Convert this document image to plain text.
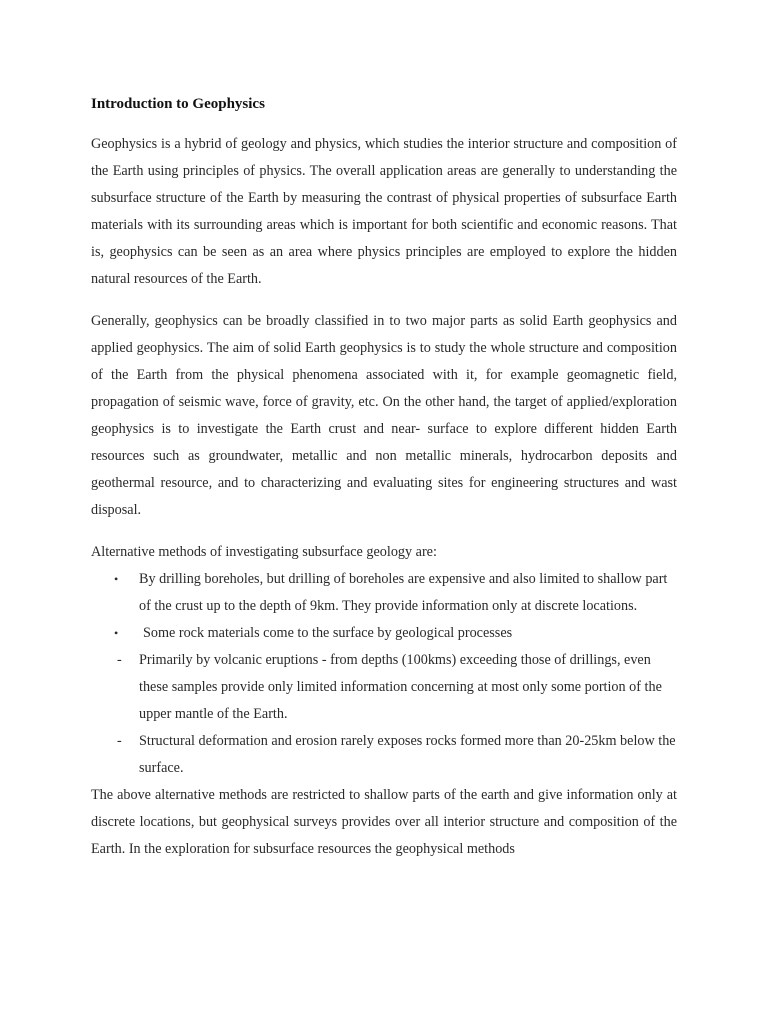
Introduction to Geophysics

Geophysics is a hybrid of geology and physics, which studies the interior structure and composition of the Earth using principles of physics. The overall application areas are generally to understanding the subsurface structure of the Earth by measuring the contrast of physical properties of subsurface Earth materials with its surrounding areas which is important for both scientific and economic reasons. That is, geophysics can be seen as an area where physics principles are employed to explore the hidden natural resources of the Earth.

Generally, geophysics can be broadly classified in to two major parts as solid Earth geophysics and applied geophysics. The aim of solid Earth geophysics is to study the whole structure and composition of the Earth from the physical phenomena associated with it, for example geomagnetic field, propagation of seismic wave, force of gravity, etc. On the other hand, the target of applied/exploration geophysics is to investigate the Earth crust and near- surface to explore different hidden Earth resources such as groundwater, metallic and non metallic minerals, hydrocarbon deposits and geothermal resource, and to characterizing and evaluating sites for engineering structures and wast disposal.

Alternative methods of investigating subsurface geology are:

• By drilling boreholes, but drilling of boreholes are expensive and also limited to shallow part of the crust up to the depth of 9km. They provide information only at discrete locations.
• Some rock materials come to the surface by geological processes
- Primarily by volcanic eruptions - from depths (100kms) exceeding those of drillings, even these samples provide only limited information concerning at most only some portion of the upper mantle of the Earth.
- Structural deformation and erosion rarely exposes rocks formed more than 20-25km below the surface.

The above alternative methods are restricted to shallow parts of the earth and give information only at discrete locations, but geophysical surveys provides over all interior structure and composition of the Earth. In the exploration for subsurface resources the geophysical methods
